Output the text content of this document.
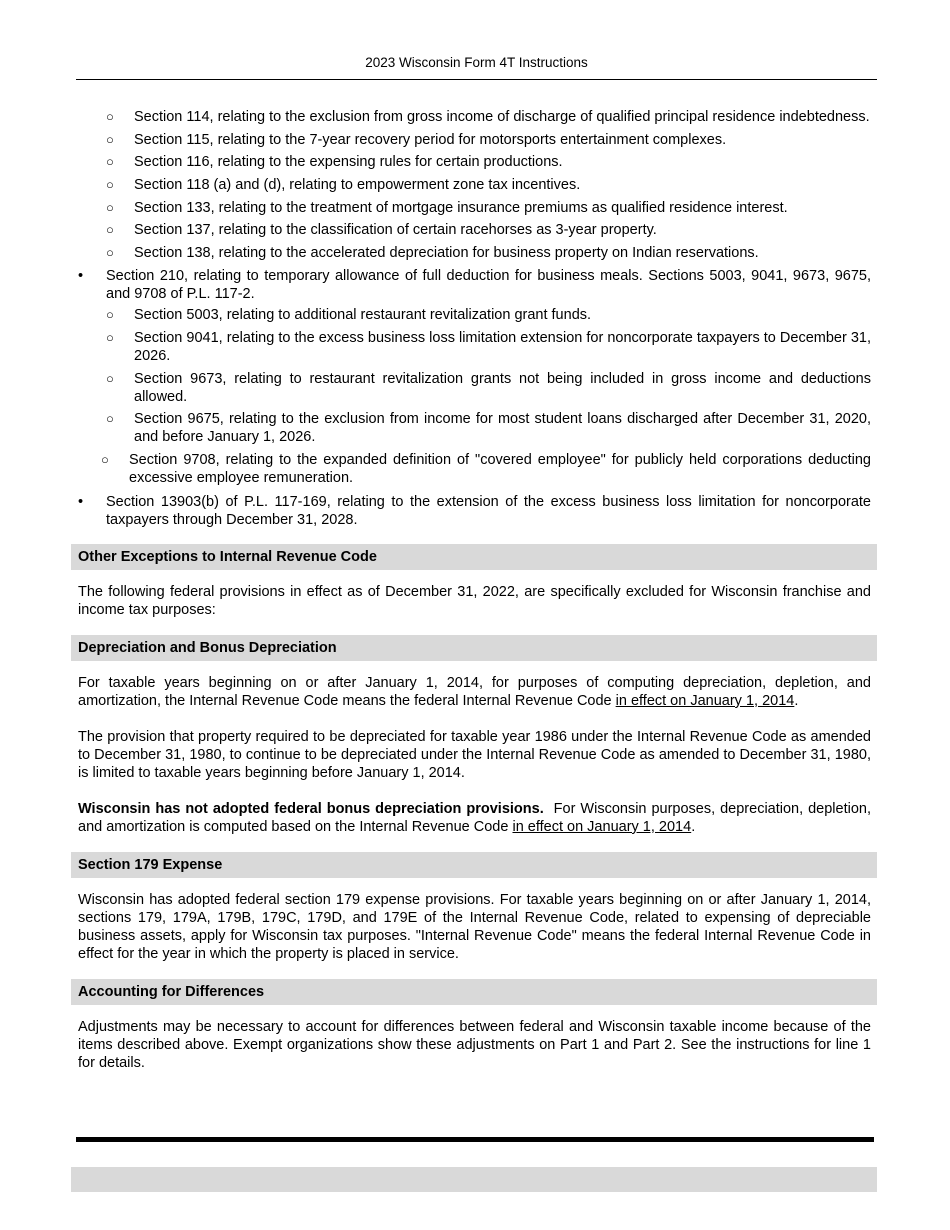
2023 Wisconsin Form 4T Instructions
○ Section 114, relating to the exclusion from gross income of discharge of qualified principal residence indebtedness.
○ Section 115, relating to the 7-year recovery period for motorsports entertainment complexes.
○ Section 116, relating to the expensing rules for certain productions.
○ Section 118 (a) and (d), relating to empowerment zone tax incentives.
○ Section 133, relating to the treatment of mortgage insurance premiums as qualified residence interest.
○ Section 137, relating to the classification of certain racehorses as 3-year property.
○ Section 138, relating to the accelerated depreciation for business property on Indian reservations.
• Section 210, relating to temporary allowance of full deduction for business meals. Sections 5003, 9041, 9673, 9675, and 9708 of P.L. 117-2.
○ Section 5003, relating to additional restaurant revitalization grant funds.
○ Section 9041, relating to the excess business loss limitation extension for noncorporate taxpayers to December 31, 2026.
○ Section 9673, relating to restaurant revitalization grants not being included in gross income and deductions allowed.
○ Section 9675, relating to the exclusion from income for most student loans discharged after December 31, 2020, and before January 1, 2026.
○ Section 9708, relating to the expanded definition of "covered employee" for publicly held corporations deducting excessive employee remuneration.
• Section 13903(b) of P.L. 117-169, relating to the extension of the excess business loss limitation for noncorporate taxpayers through December 31, 2028.
Other Exceptions to Internal Revenue Code

The following federal provisions in effect as of December 31, 2022, are specifically excluded for Wisconsin franchise and income tax purposes:

Depreciation and Bonus Depreciation

For taxable years beginning on or after January 1, 2014, for purposes of computing depreciation, depletion, and amortization, the Internal Revenue Code means the federal Internal Revenue Code in effect on January 1, 2014.

The provision that property required to be depreciated for taxable year 1986 under the Internal Revenue Code as amended to December 31, 1980, to continue to be depreciated under the Internal Revenue Code as amended to December 31, 1980, is limited to taxable years beginning before January 1, 2014.

Wisconsin has not adopted federal bonus depreciation provisions.  For Wisconsin purposes, depreciation, depletion, and amortization is computed based on the Internal Revenue Code in effect on January 1, 2014.

Section 179 Expense

Wisconsin has adopted federal section 179 expense provisions. For taxable years beginning on or after January 1, 2014, sections 179, 179A, 179B, 179C, 179D, and 179E of the Internal Revenue Code, related to expensing of depreciable business assets, apply for Wisconsin tax purposes. "Internal Revenue Code" means the federal Internal Revenue Code in effect for the year in which the property is placed in service.

Accounting for Differences

Adjustments may be necessary to account for differences between federal and Wisconsin taxable income because of the items described above. Exempt organizations show these adjustments on Part 1 and Part 2. See the instructions for line 1 for details.
